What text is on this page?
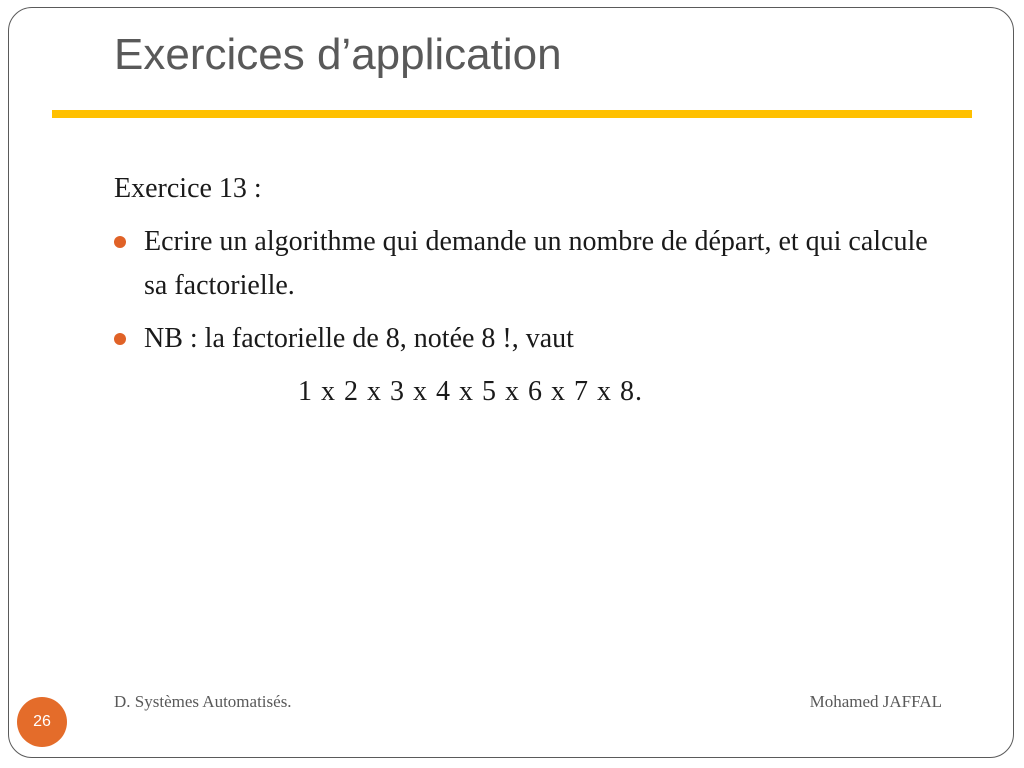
Exercices d’application
Exercice 13 :
Ecrire un algorithme qui demande un nombre de départ, et qui calcule sa factorielle.
NB : la factorielle de 8, notée 8 !, vaut
1 x 2 x 3 x 4 x 5 x 6 x 7 x 8.
D. Systèmes Automatisés.	Mohamed JAFFAL
26
